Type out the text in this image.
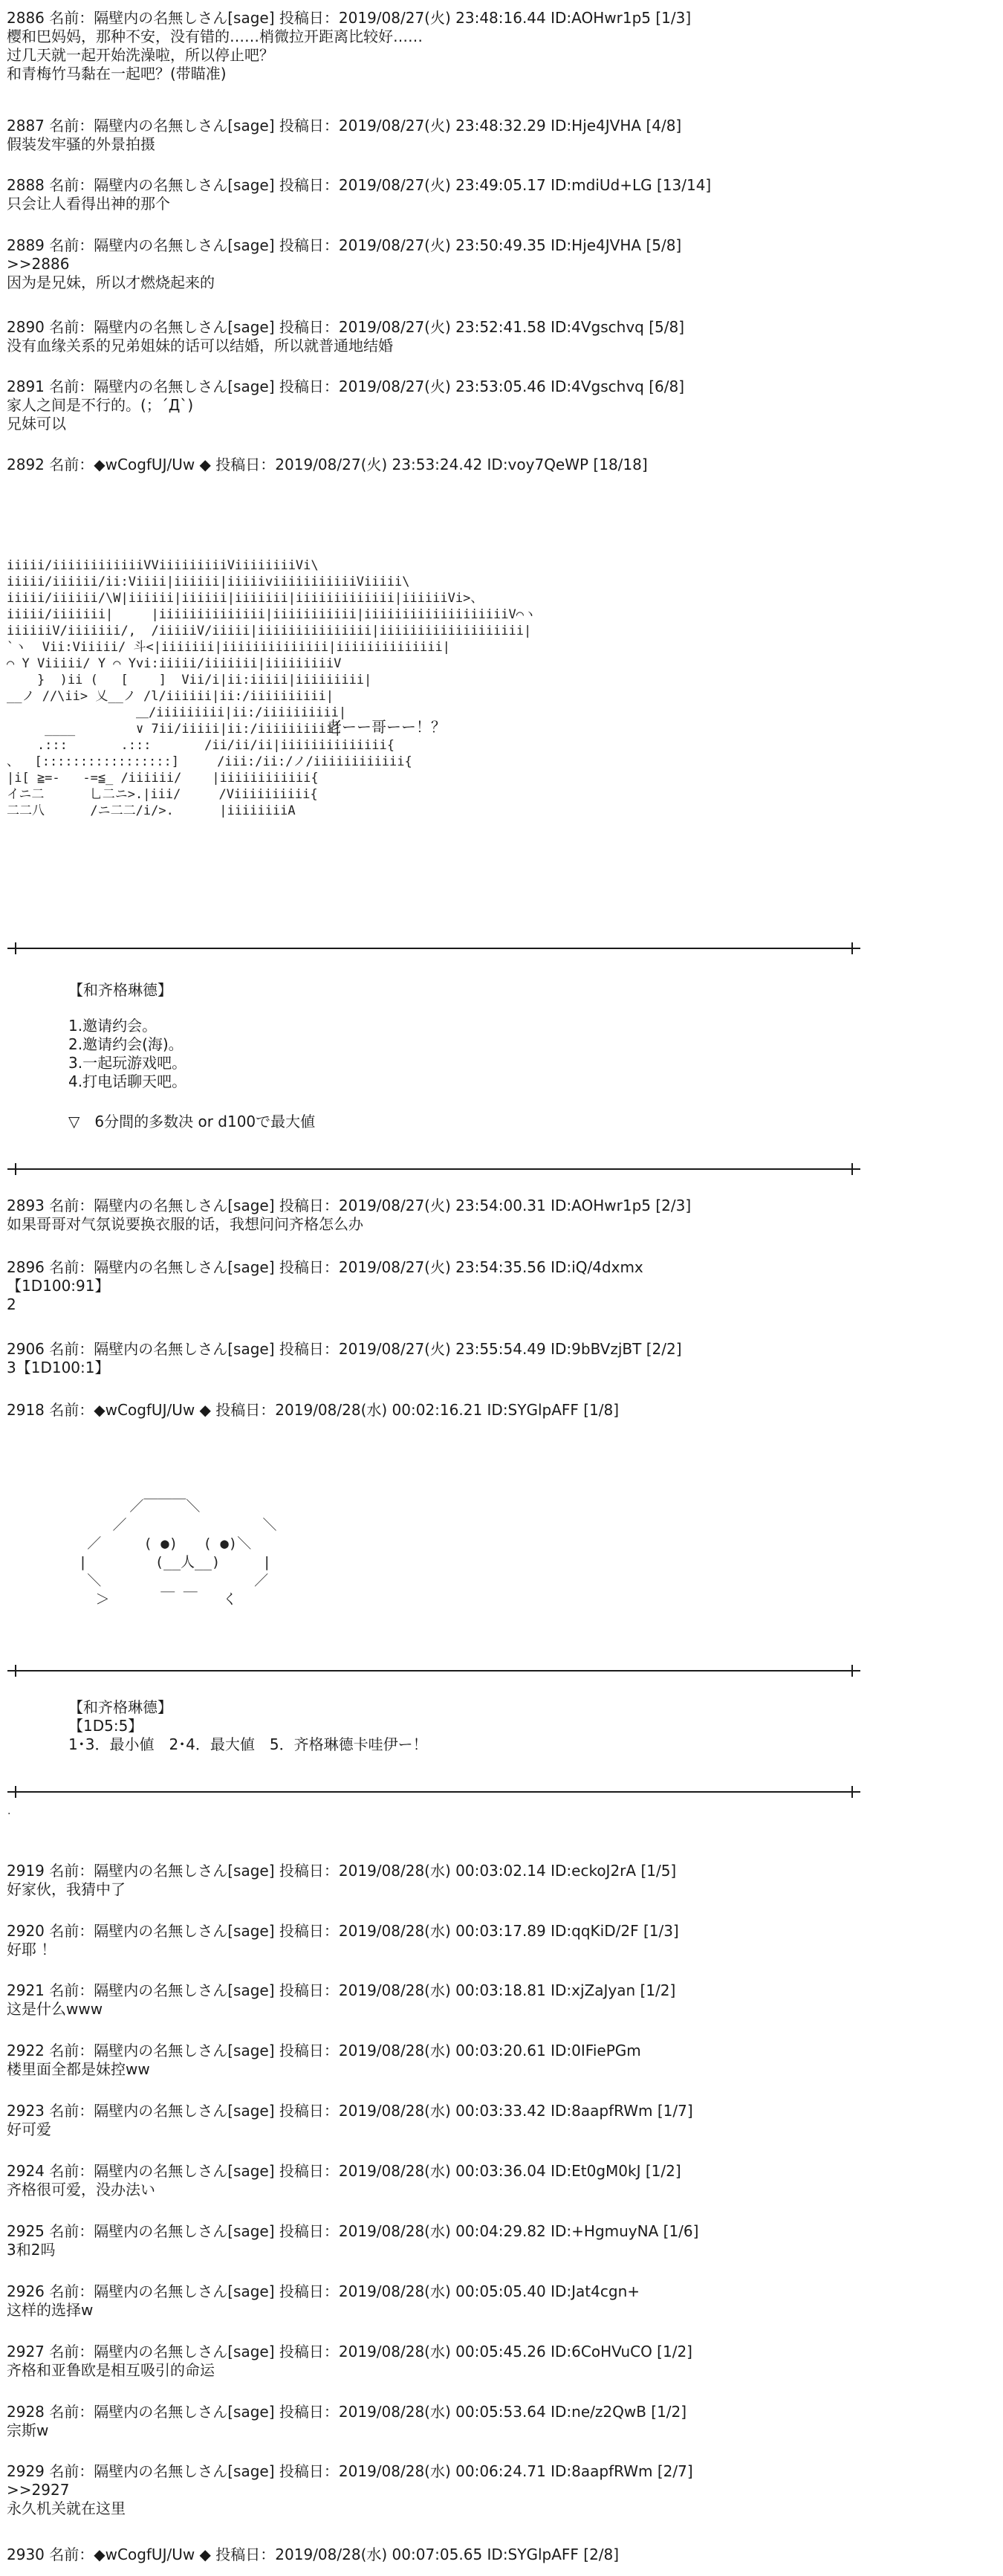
2886 名前：隔壁内の名無しさん[sage] 投稿日：2019/08/27(火) 23:48:16.44 ID:AOHwr1p5 [1/3]
樱和巴妈妈，那种不安，没有错的……梢微拉开距离比较好……
过几天就一起开始洗澡啦，所以停止吧？
和青梅竹马黏在一起吧？(带瞄准)
2887 名前：隔壁内の名無しさん[sage] 投稿日：2019/08/27(火) 23:48:32.29 ID:Hje4JVHA [4/8]
假装发牢骚的外景拍摄
2888 名前：隔壁内の名無しさん[sage] 投稿日：2019/08/27(火) 23:49:05.17 ID:mdiUd+LG [13/14]
只会让人看得出神的那个
2889 名前：隔壁内の名無しさん[sage] 投稿日：2019/08/27(火) 23:50:49.35 ID:Hje4JVHA [5/8]
>>2886
因为是兄妹，所以才燃烧起来的
2890 名前：隔壁内の名無しさん[sage] 投稿日：2019/08/27(火) 23:52:41.58 ID:4Vgschvq [5/8]
没有血缘关系的兄弟姐妹的话可以结婚，所以就普通地结婚
2891 名前：隔壁内の名無しさん[sage] 投稿日：2019/08/27(火) 23:53:05.46 ID:4Vgschvq [6/8]
家人之间是不行的。(；´Д`)
兄妹可以
2892 名前：◆wCogfUJ/Uw ◆ 投稿日：2019/08/27(火) 23:53:24.42 ID:voy7QeWP [18/18]
iiiii/iiiiiiiiiiiiVViiiiiiiiiViiiiiiiiVi\
iiiii/iiiiii/ii:Viiii|iiiiii|iiiiiviiiiiiiiiiiViiiii\
iiiii/iiiiii/\W|iiiiii|iiiiii|iiiiiii|iiiiiiiiiiiii|iiiiiiVi>、
iiiii/iiiiiii|     |iiiiiiiiiiiiii|iiiiiiiiiii|iiiiiiiiiiiiiiiiiiiV⌒ヽ
iiiiiiV/iiiiiii/,  /iiiiiV/iiiii|iiiiiiiiiiiiiii|iiiiiiiiiiiiiiiiiii|
`ヽ  Vii:Viiiii/ 斗<|iiiiiii|iiiiiiiiiiiiii|iiiiiiiiiiiiii|
⌒ Y Viiiii/ Y ⌒ Yvi:iiiii/iiiiiii|iiiiiiiiiV
}  )ii (   [    ]  Vii/i|ii:iiiii|iiiiiiiii|
__ノ //\ii> 乂__ノ /l/iiiiii|ii:/iiiiiiiiii|
＿/iiiiiiiii|ii:/iiiiiiiiii|
____        ∨ 7ii/iiiii|ii:/iiiiiiiiii|
.:::       .:::       /ii/ii/ii|iiiiiiiiiiiiii{
、  [:::::::::::::::::]     /iii:/ii:/ノ/iiiiiiiiiiii{
|i[ ≧=-   -=≦_ /iiiiii/    |iiiiiiiiiiii{
イニ二      乚二ニ>.|iii/     /Viiiiiiiiii{
二二八      /ニ二二/i/>.      |iiiiiiiiA
老ーー哥ーー！？
【和齐格琳德】
1.邀请约会。
2.邀请约会(海)。
3.一起玩游戏吧。
4.打电话聊天吧。
▽　6分間的多数决 or d100で最大値
2893 名前：隔壁内の名無しさん[sage] 投稿日：2019/08/27(火) 23:54:00.31 ID:AOHwr1p5 [2/3]
如果哥哥对气氛说要换衣服的话，我想问问齐格怎么办
2896 名前：隔壁内の名無しさん[sage] 投稿日：2019/08/27(火) 23:54:35.56 ID:iQ/4dxmx
【1D100:91】
2
2906 名前：隔壁内の名無しさん[sage] 投稿日：2019/08/27(火) 23:55:54.49 ID:9bBVzjBT [2/2]
3【1D100:1】
2918 名前：◆wCogfUJ/Uw ◆ 投稿日：2019/08/28(水) 00:02:16.21 ID:SYGlpAFF [1/8]

／￣￣￣＼
／                ＼
／     ( ●)   ( ●)＼
|        (__人__)     |
＼                  ／
＞      ￣ ￣   く
【和齐格琳德】
【1D5:5】
1･3．最小値　2･4．最大値　5．齐格琳德卡哇伊ー！
.
2919 名前：隔壁内の名無しさん[sage] 投稿日：2019/08/28(水) 00:03:02.14 ID:eckoJ2rA [1/5]
好家伙，我猜中了
2920 名前：隔壁内の名無しさん[sage] 投稿日：2019/08/28(水) 00:03:17.89 ID:qqKiD/2F [1/3]
好耶 ！
2921 名前：隔壁内の名無しさん[sage] 投稿日：2019/08/28(水) 00:03:18.81 ID:xjZaJyan [1/2]
这是什么www
2922 名前：隔壁内の名無しさん[sage] 投稿日：2019/08/28(水) 00:03:20.61 ID:0IFiePGm
楼里面全都是妹控ww
2923 名前：隔壁内の名無しさん[sage] 投稿日：2019/08/28(水) 00:03:33.42 ID:8aapfRWm [1/7]
好可爱
2924 名前：隔壁内の名無しさん[sage] 投稿日：2019/08/28(水) 00:03:36.04 ID:Et0gM0kJ [1/2]
齐格很可爱，没办法い
2925 名前：隔壁内の名無しさん[sage] 投稿日：2019/08/28(水) 00:04:29.82 ID:+HgmuyNA [1/6]
3和2吗
2926 名前：隔壁内の名無しさん[sage] 投稿日：2019/08/28(水) 00:05:05.40 ID:Jat4cgn+
这样的选择w
2927 名前：隔壁内の名無しさん[sage] 投稿日：2019/08/28(水) 00:05:45.26 ID:6CoHVuCO [1/2]
齐格和亚鲁欧是相互吸引的命运
2928 名前：隔壁内の名無しさん[sage] 投稿日：2019/08/28(水) 00:05:53.64 ID:ne/z2QwB [1/2]
宗斯w
2929 名前：隔壁内の名無しさん[sage] 投稿日：2019/08/28(水) 00:06:24.71 ID:8aapfRWm [2/7]
>>2927
永久机关就在这里
2930 名前：◆wCogfUJ/Uw ◆ 投稿日：2019/08/28(水) 00:07:05.65 ID:SYGlpAFF [2/8]
